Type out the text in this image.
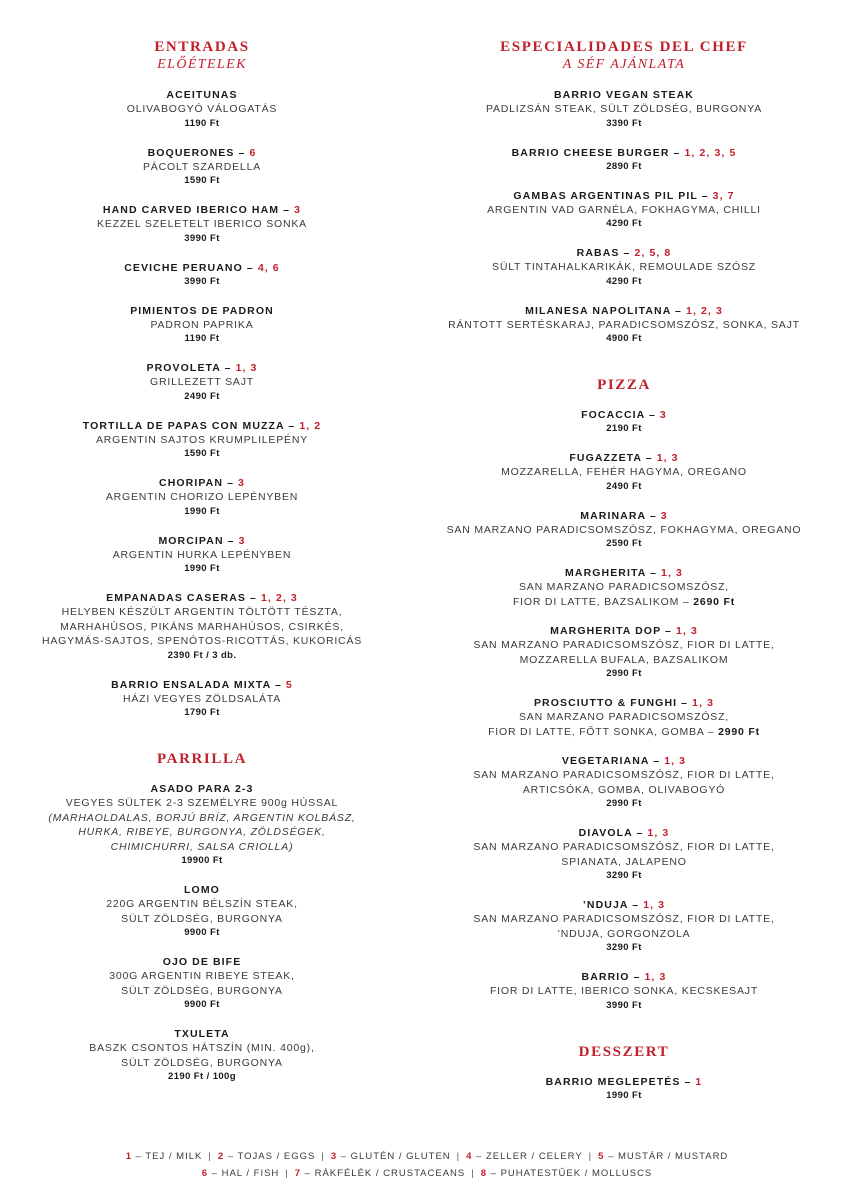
ENTRADAS
ELŐÉTELEK
ACEITUNAS
OLIVABOGYÓ VÁLOGATÁS
1190 Ft
BOQUERONES – 6
PÁCOLT SZARDELLA
1590 Ft
HAND CARVED IBERICO HAM – 3
KEZZEL SZELETELT IBERICO SONKA
3990 Ft
CEVICHE PERUANO – 4, 6
3990 Ft
PIMIENTOS DE PADRON
PADRON PAPRIKA
1190 Ft
PROVOLETA – 1, 3
GRILLEZETT SAJT
2490 Ft
TORTILLA DE PAPAS CON MUZZA – 1, 2
ARGENTIN SAJTOS KRUMPLILEPÉNY
1590 Ft
CHORIPAN – 3
ARGENTIN CHORIZO LEPÉNYBEN
1990 Ft
MORCIPAN – 3
ARGENTIN HURKA LEPÉNYBEN
1990 Ft
EMPANADAS CASERAS – 1, 2, 3
HELYBEN KÉSZÜLT ARGENTIN TÖLTÖTT TÉSZTA,
MARHAHÚSOS, PIKÁNS MARHAHÚSOS, CSIRKÉS,
HAGYMÁS-SAJTOS, SPENÓTOS-RICOTTÁS, KUKORICÁS
2390 Ft / 3 db.
BARRIO ENSALADA MIXTA – 5
HÁZI VEGYES ZÖLDSALÁTA
1790 Ft
PARRILLA
ASADO PARA 2-3
VEGYES SÜLTEK 2-3 SZEMÉLYRE 900g HÚSSAL
(MARHAOLDALAS, BORJÚ BRÍZ, ARGENTIN KOLBÁSZ,
HURKA, RIBEYE, BURGONYA, ZÖLDSÉGEK,
CHIMICHURRI, SALSA CRIOLLA)
19900 Ft
LOMO
220G ARGENTIN BÉLSZÍN STEAK,
SÜLT ZÖLDSÉG, BURGONYA
9900 Ft
OJO DE BIFE
300G ARGENTIN RIBEYE STEAK,
SÜLT ZÖLDSÉG, BURGONYA
9900 Ft
TXULETA
BASZK CSONTOS HÁTSZÍN (MIN. 400g),
SÜLT ZÖLDSÉG, BURGONYA
2190 Ft / 100g
ESPECIALIDADES DEL CHEF
A SÉF AJÁNLATA
BARRIO VEGAN STEAK
PADLIZSÁN STEAK, SÜLT ZÖLDSÉG, BURGONYA
3390 Ft
BARRIO CHEESE BURGER – 1, 2, 3, 5
2890 Ft
GAMBAS ARGENTINAS PIL PIL – 3, 7
ARGENTIN VAD GARNÉLA, FOKHAGYMA, CHILLI
4290 Ft
RABAS – 2, 5, 8
SÜLT TINTAHALKARIKÁK, REMOULADE SZÓSZ
4290 Ft
MILANESA NAPOLITANA – 1, 2, 3
RÁNTOTT SERTÉSKARAJ, PARADICSOMSZÓSZ, SONKA, SAJT
4900 Ft
PIZZA
FOCACCIA – 3
2190 Ft
FUGAZZETA – 1, 3
MOZZARELLA, FEHÉR HAGYMA, OREGANO
2490 Ft
MARINARA – 3
SAN MARZANO PARADICSOMSZÓSZ, FOKHAGYMA, OREGANO
2590 Ft
MARGHERITA – 1, 3
SAN MARZANO PARADICSOMSZÓSZ,
FIOR DI LATTE, BAZSALIKOM – 2690 Ft
MARGHERITA DOP – 1, 3
SAN MARZANO PARADICSOMSZÓSZ, FIOR DI LATTE,
MOZZARELLA BUFALA, BAZSALIKOM
2990 Ft
PROSCIUTTO & FUNGHI – 1, 3
SAN MARZANO PARADICSOMSZÓSZ,
FIOR DI LATTE, FŐTT SONKA, GOMBA – 2990 Ft
VEGETARIANA – 1, 3
SAN MARZANO PARADICSOMSZÓSZ, FIOR DI LATTE,
ARTICSÓKA, GOMBA, OLIVABOGYÓ
2990 Ft
DIAVOLA – 1, 3
SAN MARZANO PARADICSOMSZÓSZ, FIOR DI LATTE,
SPIANATA, JALAPENO
3290 Ft
’NDUJA – 1, 3
SAN MARZANO PARADICSOMSZÓSZ, FIOR DI LATTE,
’NDUJA, GORGONZOLA
3290 Ft
BARRIO – 1, 3
FIOR DI LATTE, IBERICO SONKA, KECSKESAJT
3990 Ft
DESSZERT
BARRIO MEGLEPETÉS – 1
1990 Ft
1 – TEJ / MILK | 2 – TOJAS / EGGS | 3 – GLUTÉN / GLUTEN | 4 – ZELLER / CELERY | 5 – MUSTÁR / MUSTARD
6 – HAL / FISH | 7 – RÁKFÉLÉK / CRUSTACEANS | 8 – PUHATESTŰEK / MOLLUSCS
